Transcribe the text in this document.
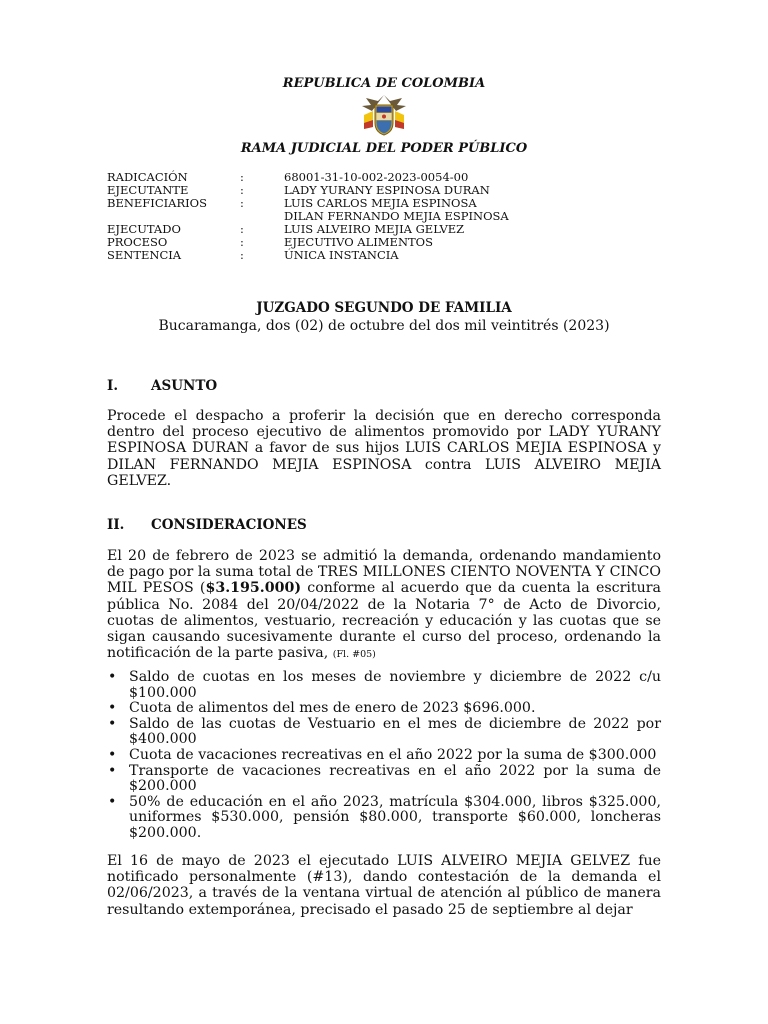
REPUBLICA DE COLOMBIA
RAMA JUDICIAL DEL PODER PÚBLICO
RADICACIÓN	:	68001-31-10-002-2023-0054-00
EJECUTANTE	:	LADY YURANY ESPINOSA DURAN
BENEFICIARIOS	:	LUIS CARLOS MEJIA ESPINOSA
DILAN FERNANDO MEJIA ESPINOSA
EJECUTADO	:	LUIS ALVEIRO MEJIA GELVEZ
PROCESO	:	EJECUTIVO ALIMENTOS
SENTENCIA	:	ÚNICA INSTANCIA
JUZGADO SEGUNDO DE FAMILIA
Bucaramanga, dos (02) de octubre del dos mil veintitrés (2023)
I. ASUNTO
Procede el despacho a proferir la decisión que en derecho corresponda dentro del proceso ejecutivo de alimentos promovido por LADY YURANY ESPINOSA DURAN a favor de sus hijos LUIS CARLOS MEJIA ESPINOSA y DILAN FERNANDO MEJIA ESPINOSA contra LUIS ALVEIRO MEJIA GELVEZ.
II. CONSIDERACIONES
El 20 de febrero de 2023 se admitió la demanda, ordenando mandamiento de pago por la suma total de TRES MILLONES CIENTO NOVENTA Y CINCO MIL PESOS ($3.195.000) conforme al acuerdo que da cuenta la escritura pública No. 2084 del 20/04/2022 de la Notaria 7° de Acto de Divorcio, cuotas de alimentos, vestuario, recreación y educación y las cuotas que se sigan causando sucesivamente durante el curso del proceso, ordenando la notificación de la parte pasiva, (Fl. #05)
• Saldo de cuotas en los meses de noviembre y diciembre de 2022 c/u $100.000
• Cuota de alimentos del mes de enero de 2023 $696.000.
• Saldo de las cuotas de Vestuario en el mes de diciembre de 2022 por $400.000
• Cuota de vacaciones recreativas en el año 2022 por la suma de $300.000
• Transporte de vacaciones recreativas en el año 2022 por la suma de $200.000
• 50% de educación en el año 2023, matrícula $304.000, libros $325.000, uniformes $530.000, pensión $80.000, transporte $60.000, loncheras $200.000.
El 16 de mayo de 2023 el ejecutado LUIS ALVEIRO MEJIA GELVEZ fue notificado personalmente (#13), dando contestación de la demanda el 02/06/2023, a través de la ventana virtual de atención al público de manera resultando extemporánea, precisado el pasado 25 de septiembre al dejar
